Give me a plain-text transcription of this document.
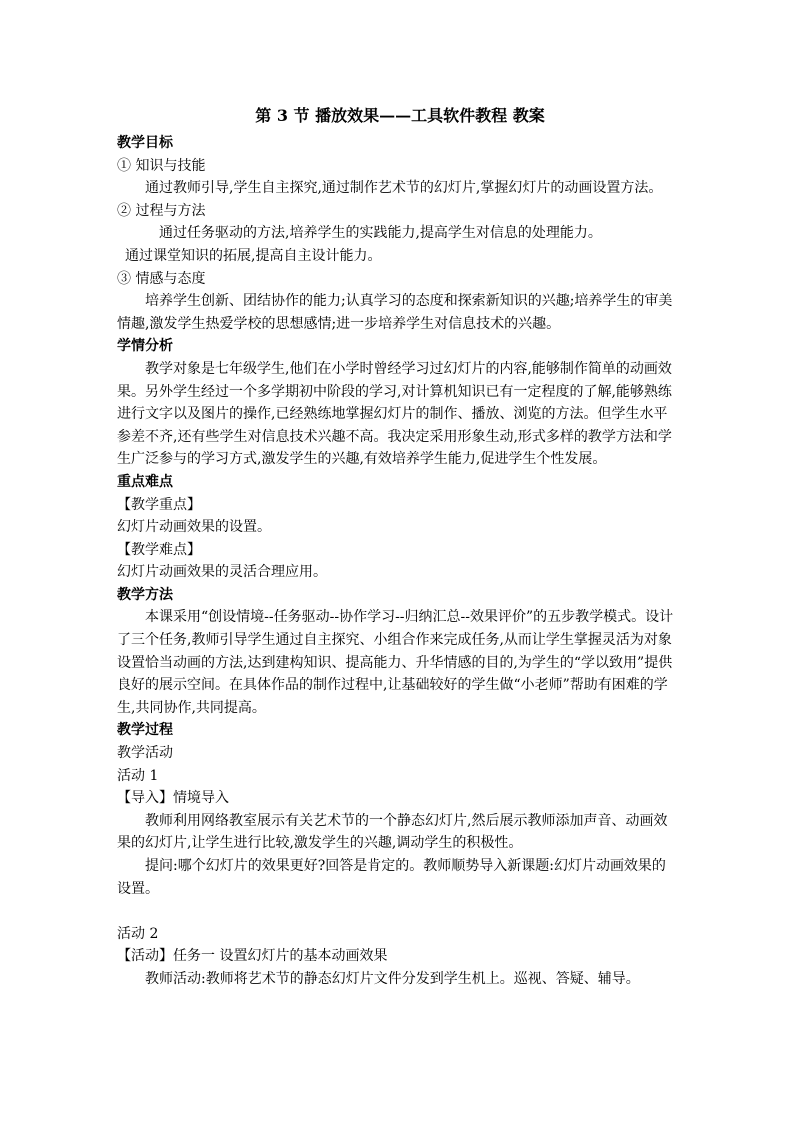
第 3 节 播放效果——工具软件教程 教案

教学目标

① 知识与技能

通过教师引导,学生自主探究,通过制作艺术节的幻灯片,掌握幻灯片的动画设置方法。

② 过程与方法

通过任务驱动的方法,培养学生的实践能力,提高学生对信息的处理能力。

通过课堂知识的拓展,提高自主设计能力。

③ 情感与态度

培养学生创新、团结协作的能力;认真学习的态度和探索新知识的兴趣;培养学生的审美情趣,激发学生热爱学校的思想感情;进一步培养学生对信息技术的兴趣。

学情分析

教学对象是七年级学生,他们在小学时曾经学习过幻灯片的内容,能够制作简单的动画效果。另外学生经过一个多学期初中阶段的学习,对计算机知识已有一定程度的了解,能够熟练进行文字以及图片的操作,已经熟练地掌握幻灯片的制作、播放、浏览的方法。但学生水平参差不齐,还有些学生对信息技术兴趣不高。我决定采用形象生动,形式多样的教学方法和学生广泛参与的学习方式,激发学生的兴趣,有效培养学生能力,促进学生个性发展。

重点难点

【教学重点】

幻灯片动画效果的设置。

【教学难点】

幻灯片动画效果的灵活合理应用。

教学方法

本课采用“创设情境--任务驱动--协作学习--归纳汇总--效果评价”的五步教学模式。设计了三个任务,教师引导学生通过自主探究、小组合作来完成任务,从而让学生掌握灵活为对象设置恰当动画的方法,达到建构知识、提高能力、升华情感的目的,为学生的“学以致用”提供良好的展示空间。在具体作品的制作过程中,让基础较好的学生做“小老师”帮助有困难的学生,共同协作,共同提高。

教学过程

教学活动

活动 1

【导入】情境导入

教师利用网络教室展示有关艺术节的一个静态幻灯片,然后展示教师添加声音、动画效果的幻灯片,让学生进行比较,激发学生的兴趣,调动学生的积极性。

提问:哪个幻灯片的效果更好?回答是肯定的。教师顺势导入新课题:幻灯片动画效果的设置。

活动 2

【活动】任务一 设置幻灯片的基本动画效果

教师活动:教师将艺术节的静态幻灯片文件分发到学生机上。巡视、答疑、辅导。
